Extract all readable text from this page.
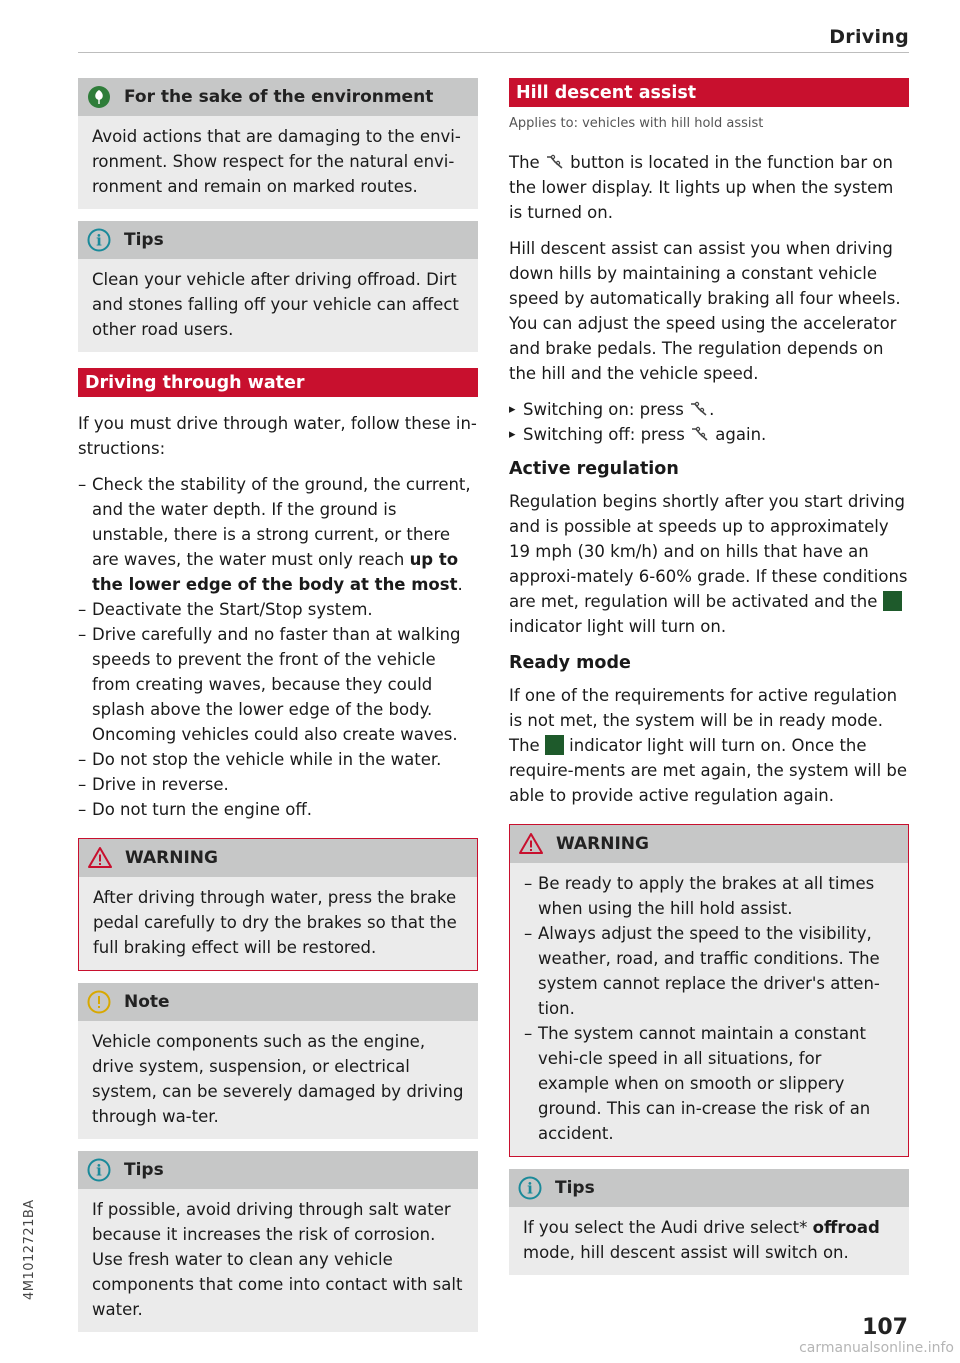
Driving
For the sake of the environment

Avoid actions that are damaging to the envi-ronment. Show respect for the natural envi-ronment and remain on marked routes.

i Tips

Clean your vehicle after driving offroad. Dirt and stones falling off your vehicle can affect other road users.

Driving through water

If you must drive through water, follow these in-structions:

– Check the stability of the ground, the current, and the water depth. If the ground is unstable, there is a strong current, or there are waves, the water must only reach up to the lower edge of the body at the most.
– Deactivate the Start/Stop system.
– Drive carefully and no faster than at walking speeds to prevent the front of the vehicle from creating waves, because they could splash above the lower edge of the body. Oncoming vehicles could also create waves.
– Do not stop the vehicle while in the water.
– Drive in reverse.
– Do not turn the engine off.
WARNING

After driving through water, press the brake pedal carefully to dry the brakes so that the full braking effect will be restored.

Note

Vehicle components such as the engine, drive system, suspension, or electrical system, can be severely damaged by driving through wa-ter.

i Tips

If possible, avoid driving through salt water because it increases the risk of corrosion. Use fresh water to clean any vehicle components that come into contact with salt water.

Hill descent assist

Applies to: vehicles with hill hold assist

The  button is located in the function bar on the lower display. It lights up when the system is turned on.

Hill descent assist can assist you when driving down hills by maintaining a constant vehicle speed by automatically braking all four wheels. You can adjust the speed using the accelerator and brake pedals. The regulation depends on the hill and the vehicle speed.

▸ Switching on: press .
▸ Switching off: press  again.
Active regulation

Regulation begins shortly after you start driving and is possible at speeds up to approximately 19 mph (30 km/h) and on hills that have an approxi-mately 6-60% grade. If these conditions are met, regulation will be activated and the  indicator light will turn on.

Ready mode

If one of the requirements for active regulation is not met, the system will be in ready mode. The  indicator light will turn on. Once the require-ments are met again, the system will be able to provide active regulation again.

WARNING
– Be ready to apply the brakes at all times when using the hill hold assist.
– Always adjust the speed to the visibility, weather, road, and traffic conditions. The system cannot replace the driver's atten-tion.
– The system cannot maintain a constant vehi-cle speed in all situations, for example when on smooth or slippery ground. This can in-crease the risk of an accident.
i Tips

If you select the Audi drive select* offroad mode, hill descent assist will switch on.

4M1012721BA
107
carmanualsonline.info
